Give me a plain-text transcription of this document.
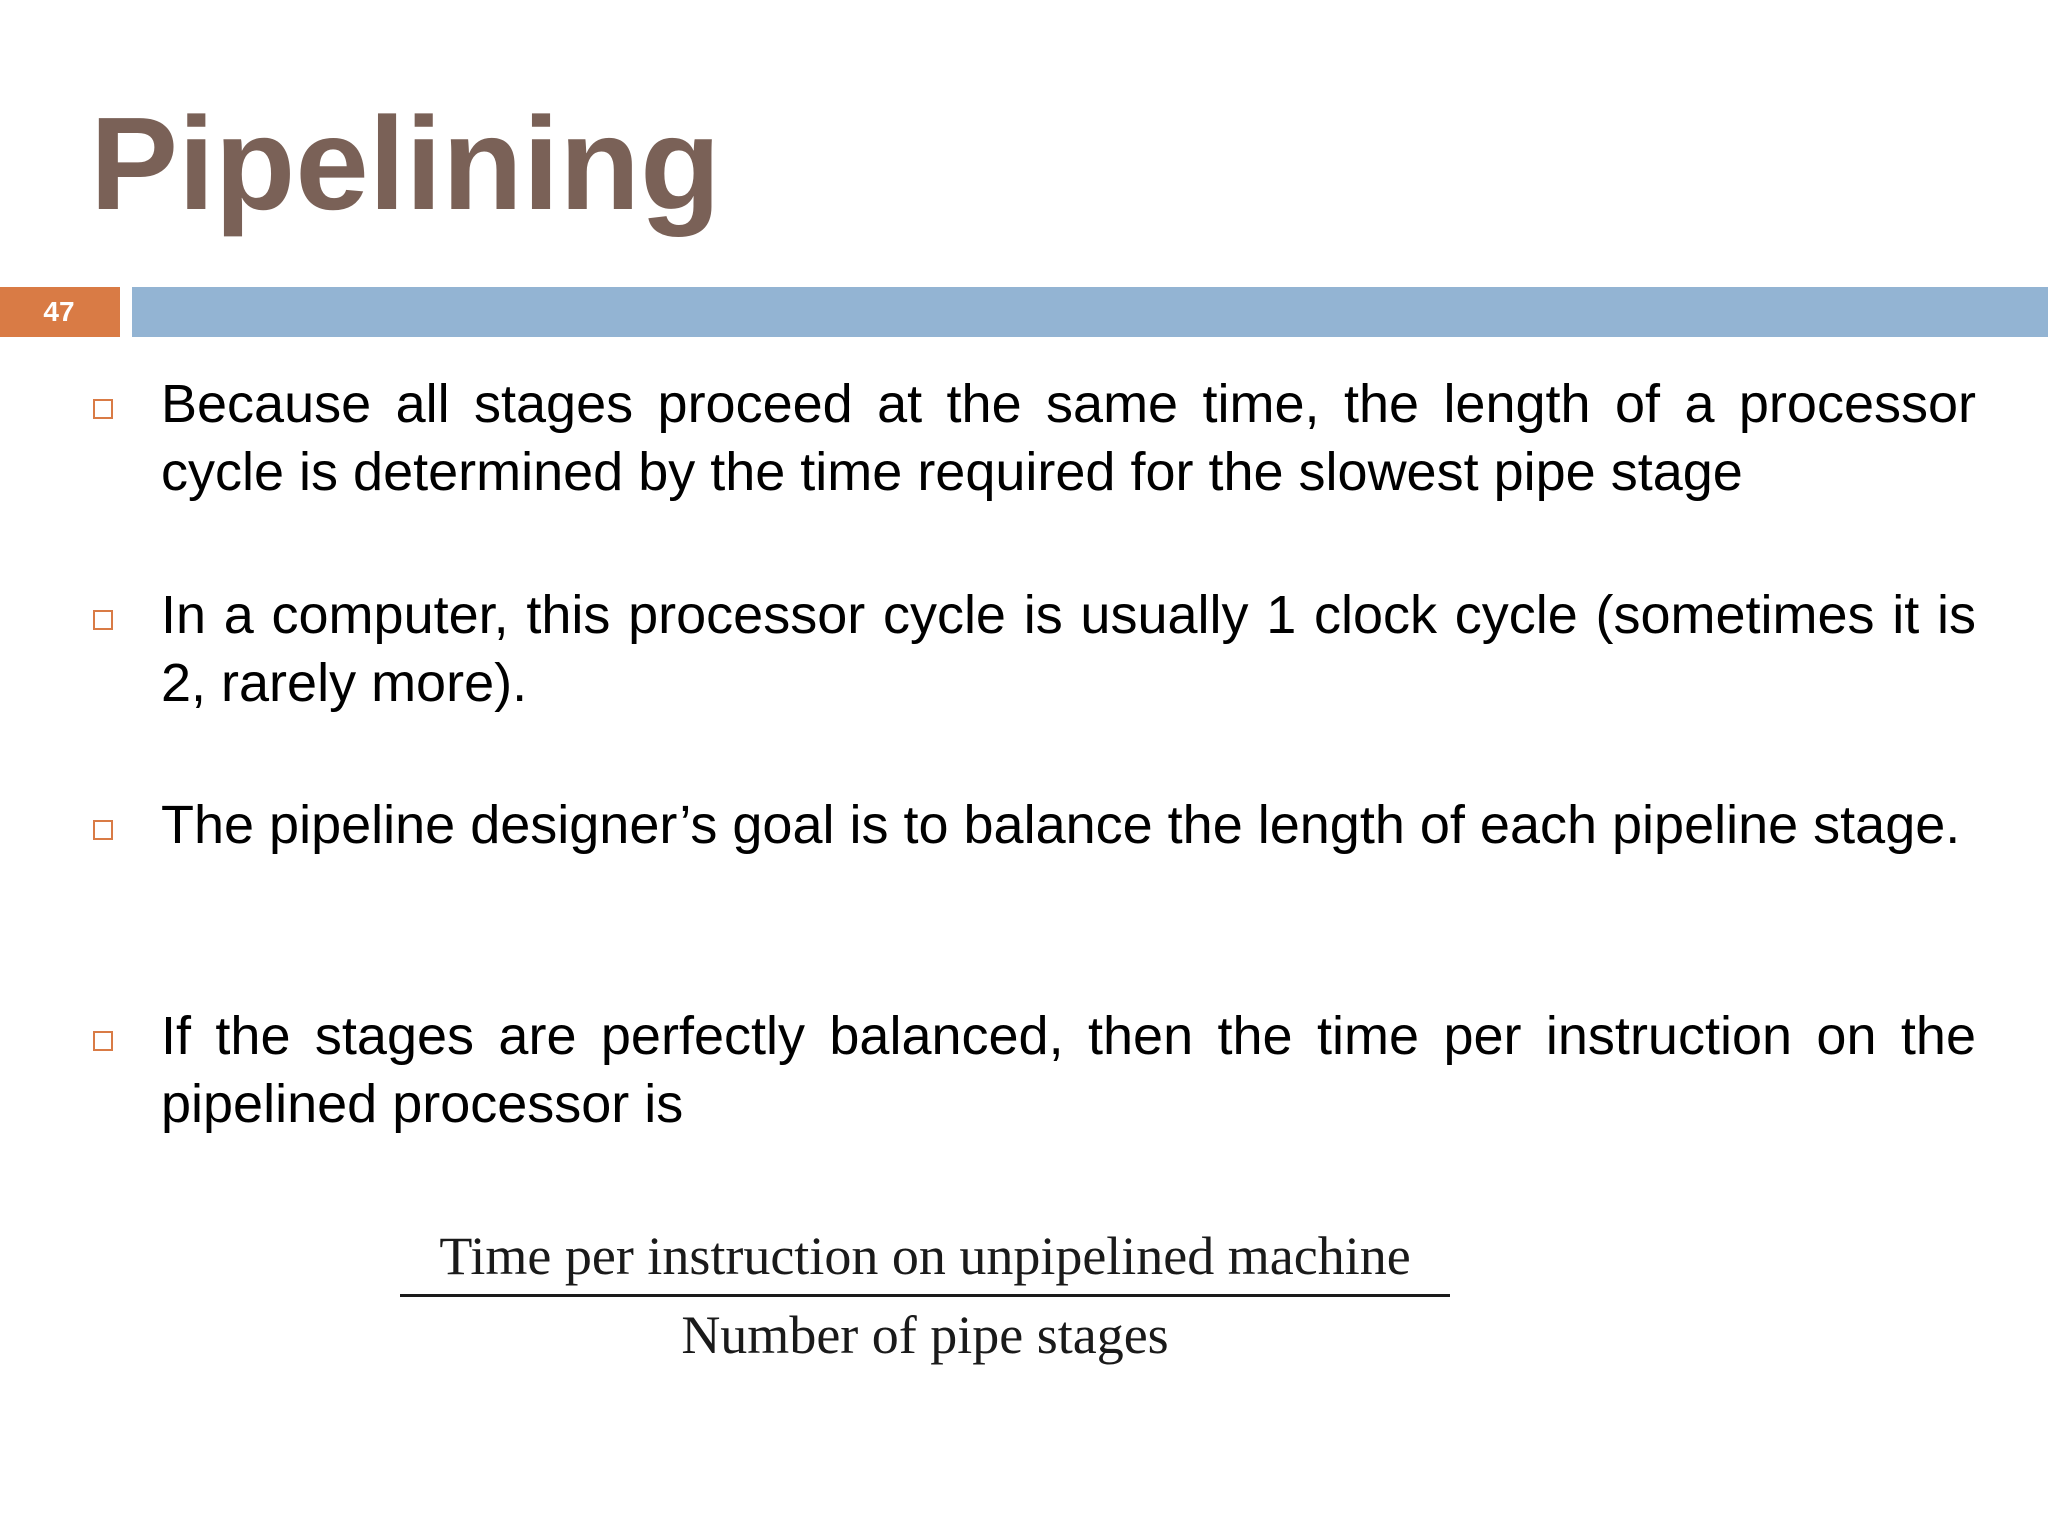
Pipelining
47

Because all stages proceed at the same time, the length of a processor cycle is determined by the time required for the slowest pipe stage

In a computer, this processor cycle is usually 1 clock cycle (sometimes it is 2, rarely more).

The pipeline designer’s goal is to balance the length of each pipeline stage.

If the stages are perfectly balanced, then the time per instruction on the pipelined processor is

Time per instruction on unpipelined machine
Number of pipe stages
